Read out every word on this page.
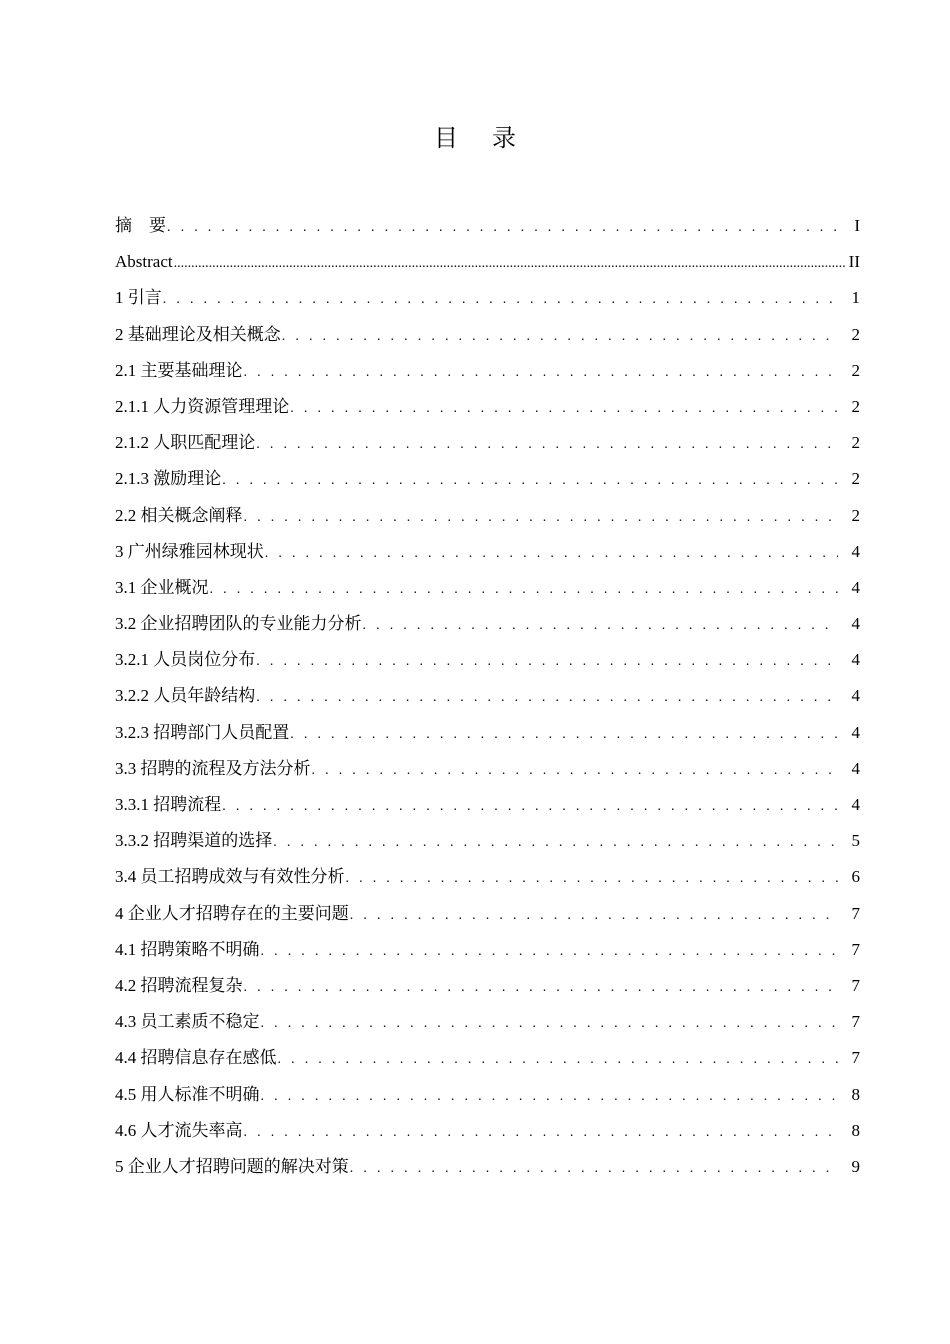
目 录
摘　要 . . .	I
Abstract .....	II
1 引言 . . .	1
2 基础理论及相关概念 . . .	2
2.1 主要基础理论 . . .	2
2.1.1 人力资源管理理论 . . .	2
2.1.2 人职匹配理论 . . .	2
2.1.3 激励理论 . . .	2
2.2 相关概念阐释 . . .	2
3 广州绿雅园林现状 . . .	4
3.1 企业概况 . . .	4
3.2 企业招聘团队的专业能力分析 . . .	4
3.2.1 人员岗位分布 . . .	4
3.2.2 人员年龄结构 . . .	4
3.2.3 招聘部门人员配置 . . .	4
3.3 招聘的流程及方法分析 . . .	4
3.3.1 招聘流程 . . .	4
3.3.2 招聘渠道的选择 . . .	5
3.4 员工招聘成效与有效性分析 . . .	6
4 企业人才招聘存在的主要问题 . . .	7
4.1 招聘策略不明确 . . .	7
4.2 招聘流程复杂 . . .	7
4.3 员工素质不稳定 . . .	7
4.4 招聘信息存在感低 . . .	7
4.5 用人标准不明确 . . .	8
4.6 人才流失率高 . . .	8
5 企业人才招聘问题的解决对策 . . .	9
